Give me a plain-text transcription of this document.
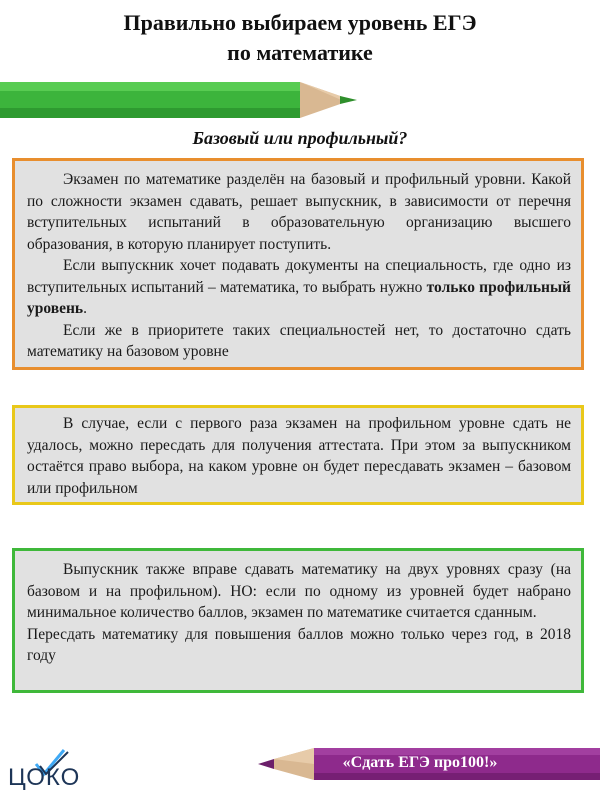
Правильно выбираем уровень ЕГЭ
по математике
Базовый или профильный?

Экзамен по математике разделён на базовый и профильный уровни. Какой по сложности экзамен сдавать, решает выпускник, в зависимости от перечня вступительных испытаний в образовательную организацию высшего образования, в которую планирует поступить.

Если выпускник хочет подавать документы на специальность, где одно из вступительных испытаний – математика, то выбрать нужно только профильный уровень.

Если же в приоритете таких специальностей нет, то достаточно сдать математику на базовом уровне

В случае, если с первого раза экзамен на профильном уровне сдать не удалось, можно пересдать для получения аттестата. При этом за выпускником остаётся право выбора, на каком уровне он будет пересдавать экзамен – базовом или профильном

Выпускник также вправе сдавать математику на двух уровнях сразу (на базовом и на профильном). НО: если по одному из уровней будет набрано минимальное количество баллов, экзамен по математике считается сданным.

Пересдать математику для повышения баллов можно только через год, в 2018 году

ЦОКО
«Сдать ЕГЭ про100!»
